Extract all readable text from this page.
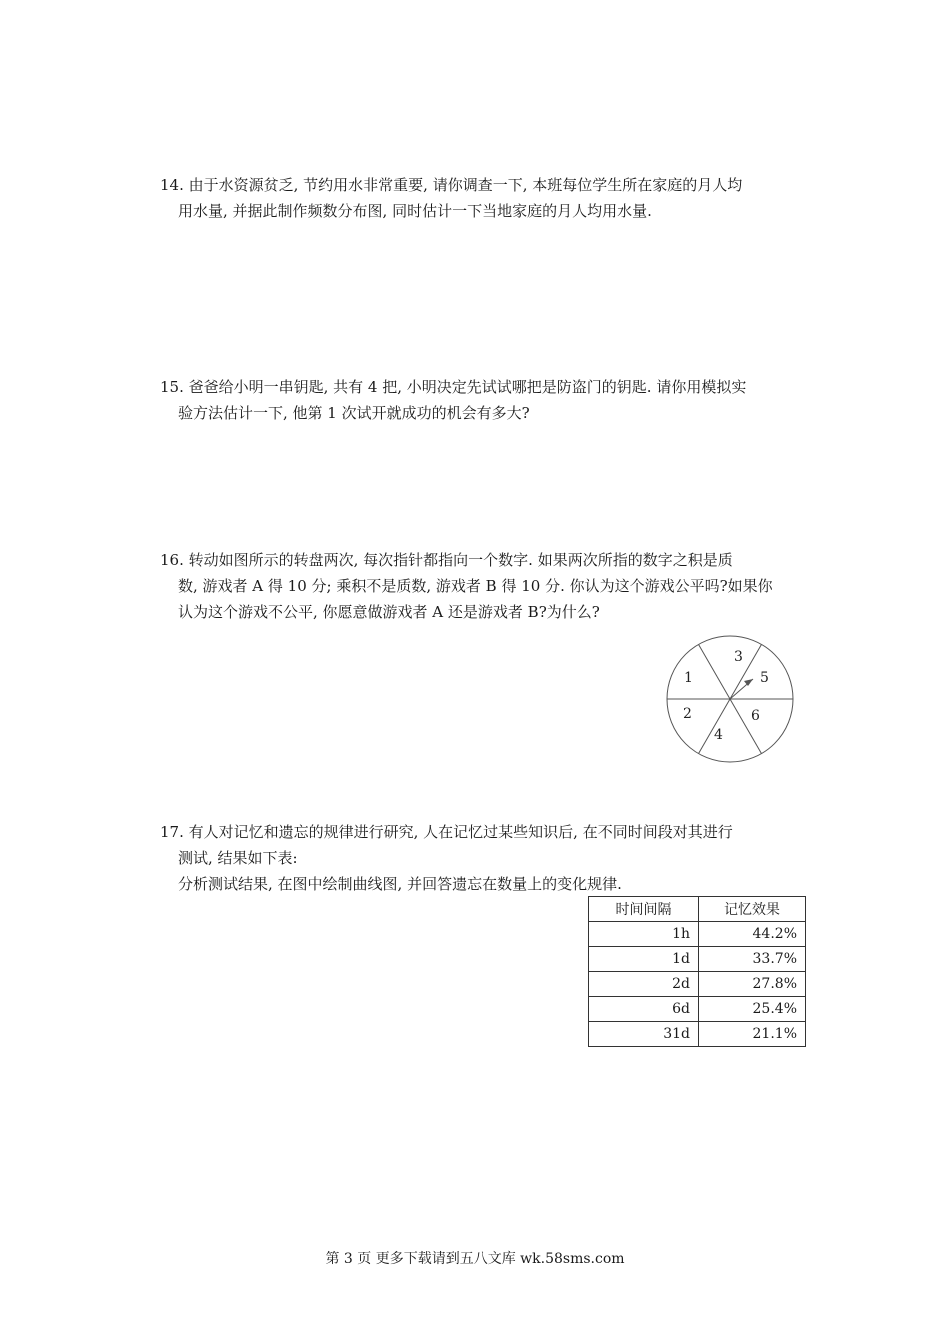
14. 由于水资源贫乏, 节约用水非常重要, 请你调查一下, 本班每位学生所在家庭的月人均
用水量, 并据此制作频数分布图, 同时估计一下当地家庭的月人均用水量.
15. 爸爸给小明一串钥匙, 共有 4 把, 小明决定先试试哪把是防盗门的钥匙. 请你用模拟实
验方法估计一下, 他第 1 次试开就成功的机会有多大?
16. 转动如图所示的转盘两次, 每次指针都指向一个数字. 如果两次所指的数字之积是质
数, 游戏者 A 得 10 分; 乘积不是质数, 游戏者 B 得 10 分. 你认为这个游戏公平吗?如果你
认为这个游戏不公平, 你愿意做游戏者 A 还是游戏者 B?为什么?
3
5
1
2	6
4
17. 有人对记忆和遗忘的规律进行研究, 人在记忆过某些知识后, 在不同时间段对其进行
测试, 结果如下表:
分析测试结果, 在图中绘制曲线图, 并回答遗忘在数量上的变化规律.
时间间隔	记忆效果
1h	44.2%
1d	33.7%
2d	27.8%
6d	25.4%
31d	21.1%
第 3 页 更多下载请到五八文库 wk.58sms.com
